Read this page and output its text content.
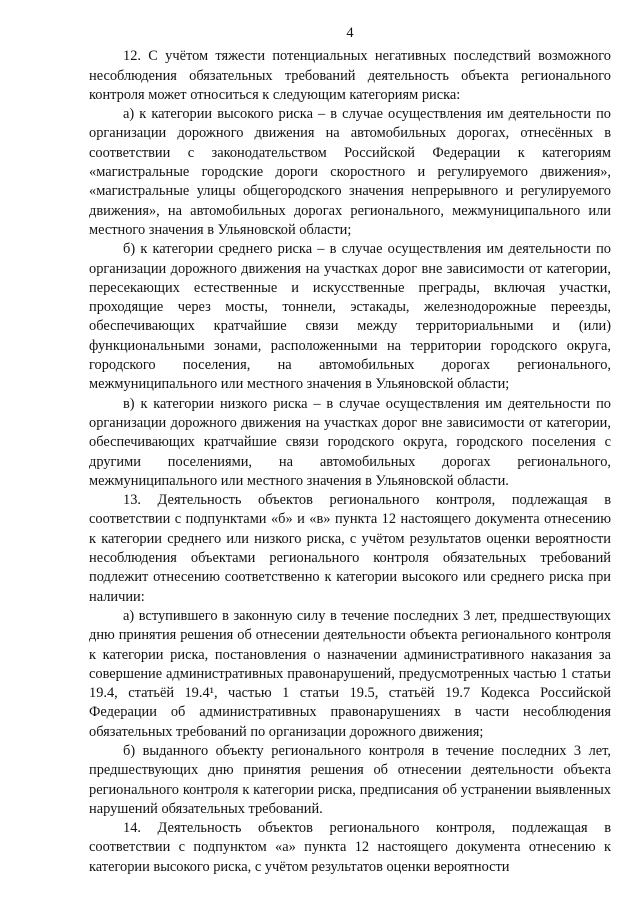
4

12. С учётом тяжести потенциальных негативных последствий возможного несоблюдения обязательных требований деятельность объекта регионального контроля может относиться к следующим категориям риска:

а) к категории высокого риска – в случае осуществления им деятельности по организации дорожного движения на автомобильных дорогах, отнесённых в соответствии с законодательством Российской Федерации к категориям «магистральные городские дороги скоростного и регулируемого движения», «магистральные улицы общегородского значения непрерывного и регулируемого движения», на автомобильных дорогах регионального, межмуниципального или местного значения в Ульяновской области;

б) к категории среднего риска – в случае осуществления им деятельности по организации дорожного движения на участках дорог вне зависимости от категории, пересекающих естественные и искусственные преграды, включая участки, проходящие через мосты, тоннели, эстакады, железнодорожные переезды, обеспечивающих кратчайшие связи между территориальными и (или) функциональными зонами, расположенными на территории городского округа, городского поселения, на автомобильных дорогах регионального, межмуниципального или местного значения в Ульяновской области;

в) к категории низкого риска – в случае осуществления им деятельности по организации дорожного движения на участках дорог вне зависимости от категории, обеспечивающих кратчайшие связи городского округа, городского поселения с другими поселениями, на автомобильных дорогах регионального, межмуниципального или местного значения в Ульяновской области.

13. Деятельность объектов регионального контроля, подлежащая в соответствии с подпунктами «б» и «в» пункта 12 настоящего документа отнесению к категории среднего или низкого риска, с учётом результатов оценки вероятности несоблюдения объектами регионального контроля обязательных требований подлежит отнесению соответственно к категории высокого или среднего риска при наличии:

а) вступившего в законную силу в течение последних 3 лет, предшествующих дню принятия решения об отнесении деятельности объекта регионального контроля к категории риска, постановления о назначении административного наказания за совершение административных правонарушений, предусмотренных частью 1 статьи 19.4, статьёй 19.4¹, частью 1 статьи 19.5, статьёй 19.7 Кодекса Российской Федерации об административных правонарушениях в части несоблюдения обязательных требований по организации дорожного движения;

б) выданного объекту регионального контроля в течение последних 3 лет, предшествующих дню принятия решения об отнесении деятельности объекта регионального контроля к категории риска, предписания об устранении выявленных нарушений обязательных требований.

14. Деятельность объектов регионального контроля, подлежащая в соответствии с подпунктом «а» пункта 12 настоящего документа отнесению к категории высокого риска, с учётом результатов оценки вероятности
